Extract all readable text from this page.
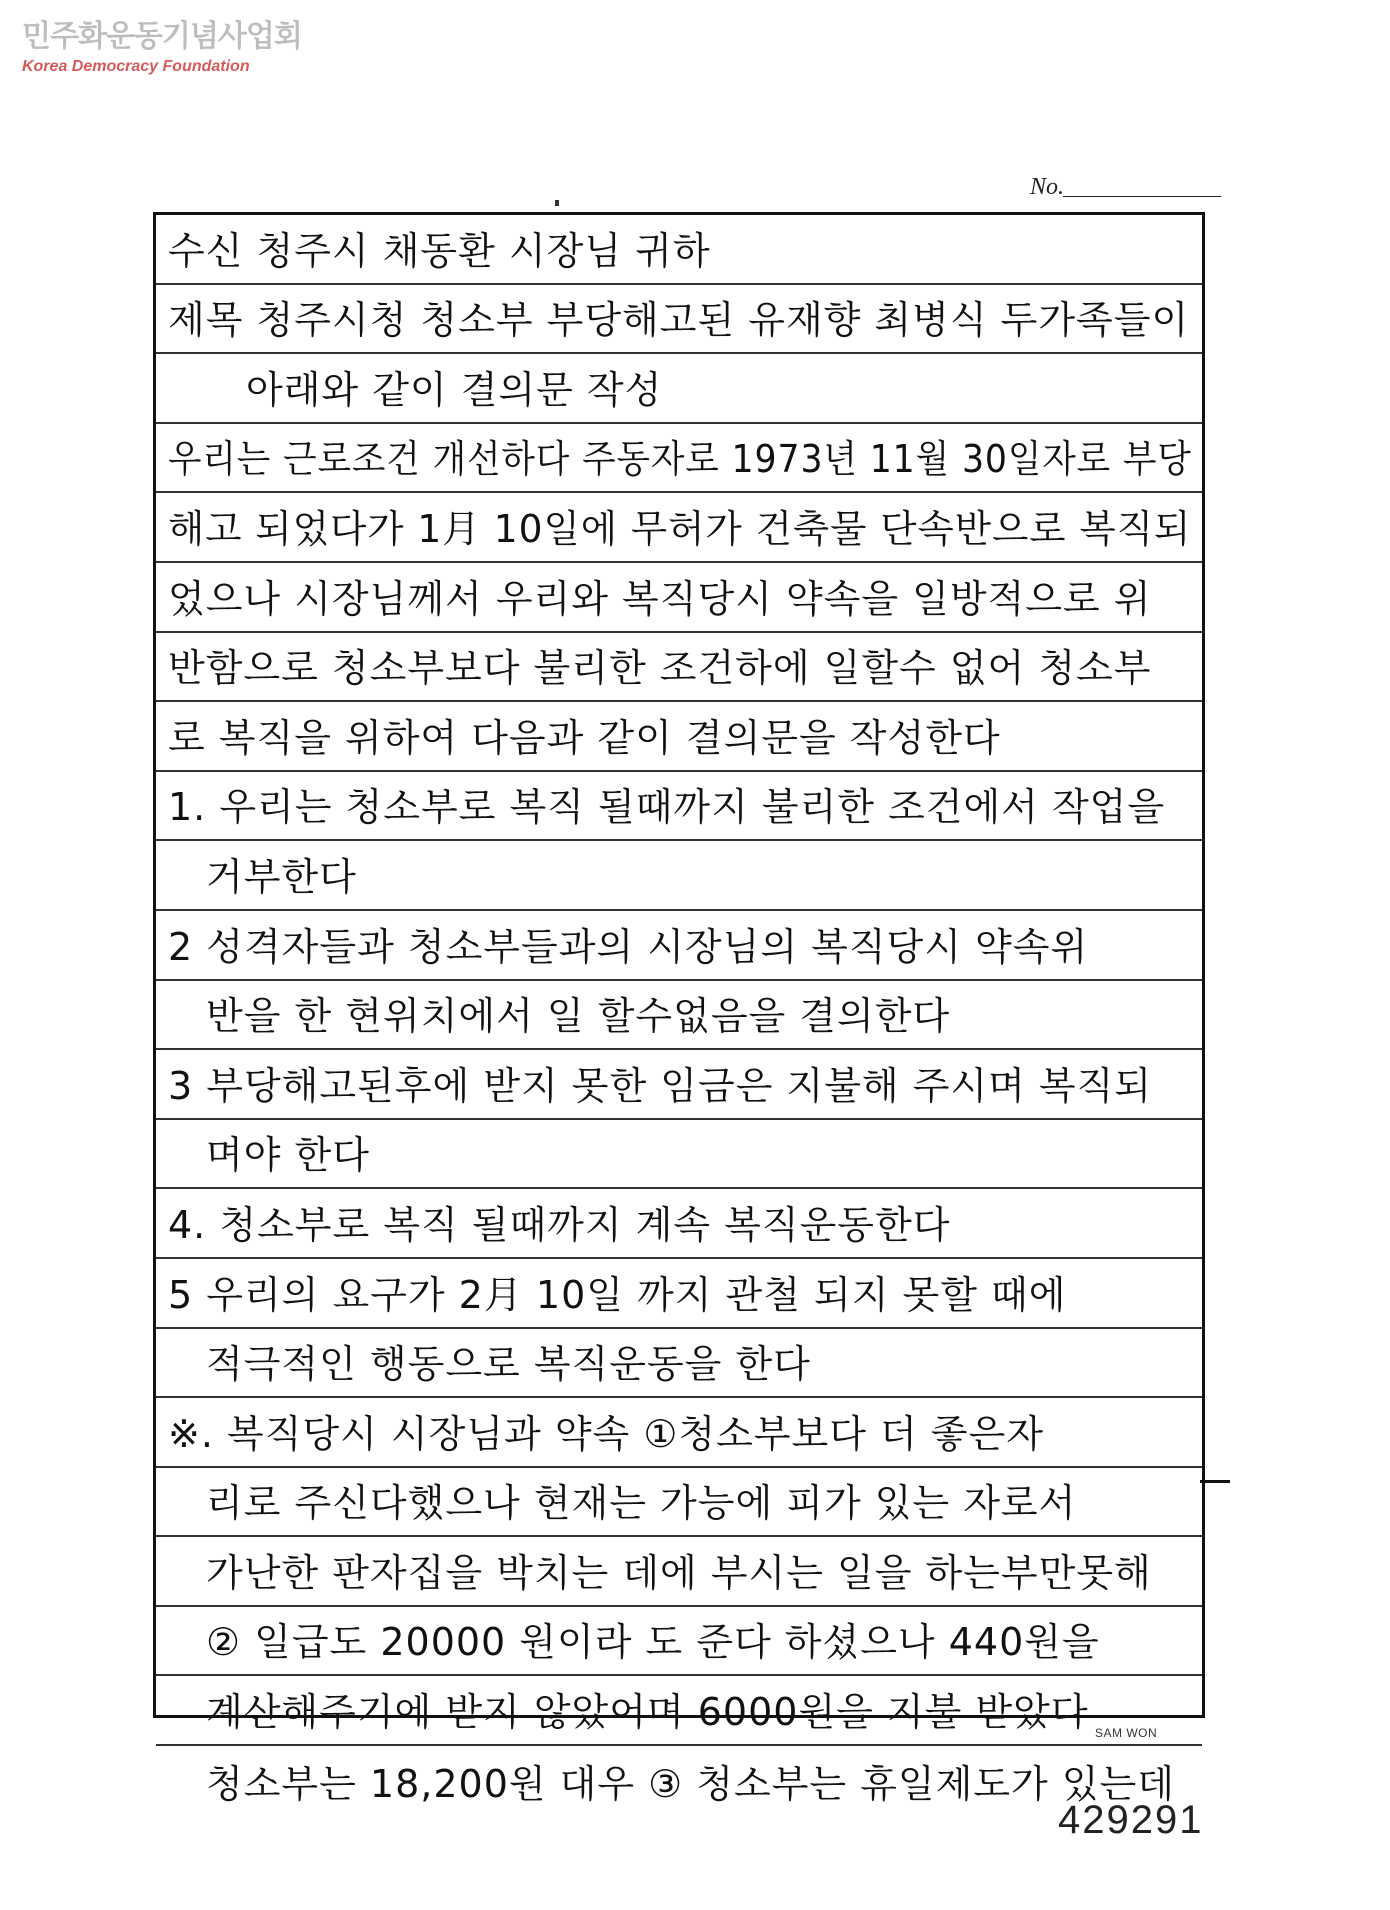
민주화운동기념사업회
Korea Democracy Foundation
No.
수신 청주시 채동환 시장님 귀하
제목 청주시청 청소부 부당해고된 유재향 최병식 두가족들이
아래와 같이 결의문 작성
우리는 근로조건 개선하다 주동자로 1973년 11월 30일자로 부당
해고 되었다가 1月 10일에 무허가 건축물 단속반으로 복직되
었으나 시장님께서 우리와 복직당시 약속을 일방적으로 위
반함으로 청소부보다 불리한 조건하에 일할수 없어 청소부
로 복직을 위하여 다음과 같이 결의문을 작성한다
1. 우리는 청소부로 복직 될때까지 불리한 조건에서 작업을
거부한다
2 성격자들과 청소부들과의 시장님의 복직당시 약속위
반을 한 현위치에서 일 할수없음을 결의한다
3 부당해고된후에 받지 못한 임금은 지불해 주시며 복직되
며야 한다
4. 청소부로 복직 될때까지 계속 복직운동한다
5 우리의 요구가 2月 10일 까지 관철 되지 못할 때에
적극적인 행동으로 복직운동을 한다
※. 복직당시 시장님과 약속 ①청소부보다 더 좋은자
리로 주신다했으나 현재는 가능에 피가 있는 자로서
가난한 판자집을 박치는 데에 부시는 일을 하는부만못해
② 일급도 20000 원이라 도 준다 하셨으나 440원을
계산해주기에 받지 않았어며 6000원을 지불 받았다
청소부는 18,200원 대우 ③ 청소부는 휴일제도가 있는데
SAM WON
429291
